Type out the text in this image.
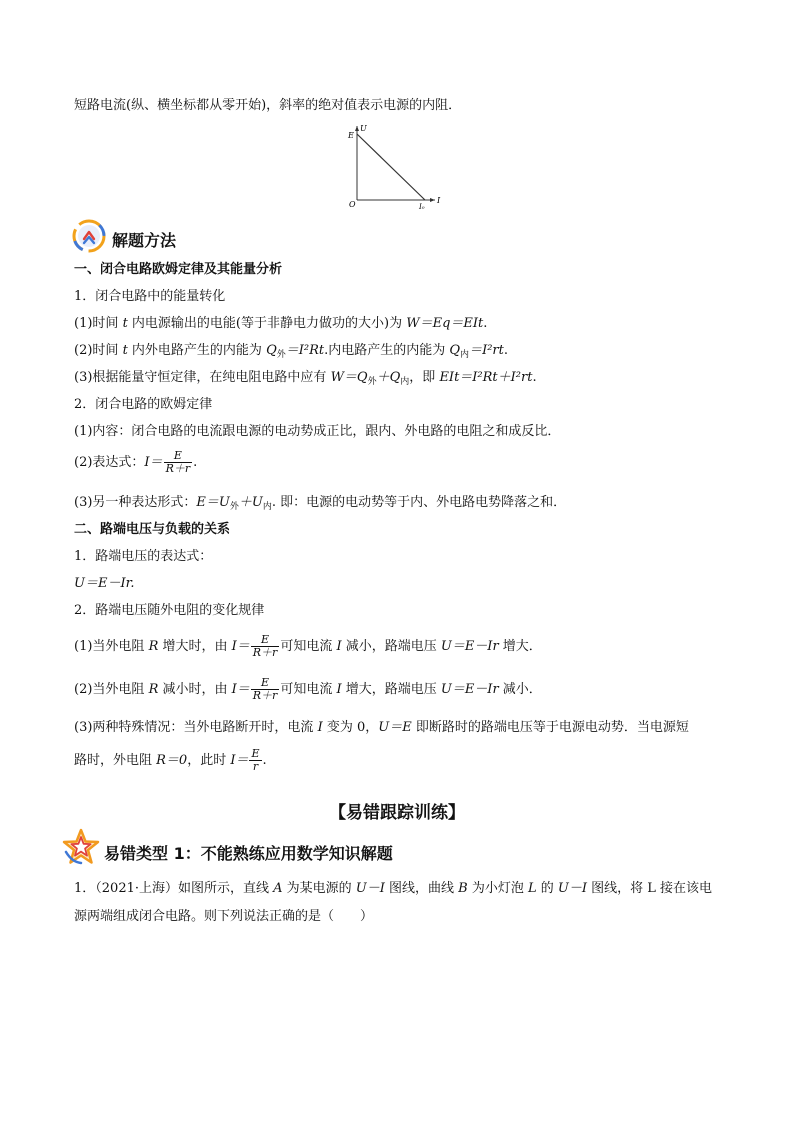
短路电流(纵、横坐标都从零开始)，斜率的绝对值表示电源的内阻．
U
E
O	I₀
I
解题方法
一、闭合电路欧姆定律及其能量分析
1．闭合电路中的能量转化
(1)时间 t 内电源输出的电能(等于非静电力做功的大小)为 W＝Eq＝EIt.
(2)时间 t 内外电路产生的内能为 $Q_外=I^2Rt$.内电路产生的内能为 $Q_内=I^2rt$.
(3)根据能量守恒定律，在纯电阻电路中应有 $W=Q_外+Q_内$，即 EIt＝I²Rt＋I²rt.
2．闭合电路的欧姆定律
(1)内容：闭合电路的电流跟电源的电动势成正比，跟内、外电路的电阻之和成反比．
(2)表达式：$I= \frac{E}{R+r}$ .
(3)另一种表达形式：$E=U_外+U_内$. 即：电源的电动势等于内、外电路电势降落之和．
二、路端电压与负载的关系
1．路端电压的表达式：
U＝E－Ir.
2．路端电压随外电阻的变化规律
(1)当外电阻 R 增大时，由 $I= \frac{E}{R+r}$ 可知电流 I 减小，路端电压 U＝E－Ir 增大．
(2)当外电阻 R 减小时，由 $I= \frac{E}{R+r}$ 可知电流 I 增大，路端电压 U＝E－Ir 减小．
(3)两种特殊情况：当外电路断开时，电流 I 变为 0，U＝E 即断路时的路端电压等于电源电动势．当电源短
路时，外电阻 R＝0，此时 $I= \frac{E}{r}$ .
【易错跟踪训练】
易错类型 1：不能熟练应用数学知识解题
1．（2021·上海）如图所示，直线 A 为某电源的 U－I 图线，曲线 B 为小灯泡 L 的 U－I 图线，将 L 接在该电
源两端组成闭合电路。则下列说法正确的是（　　）
